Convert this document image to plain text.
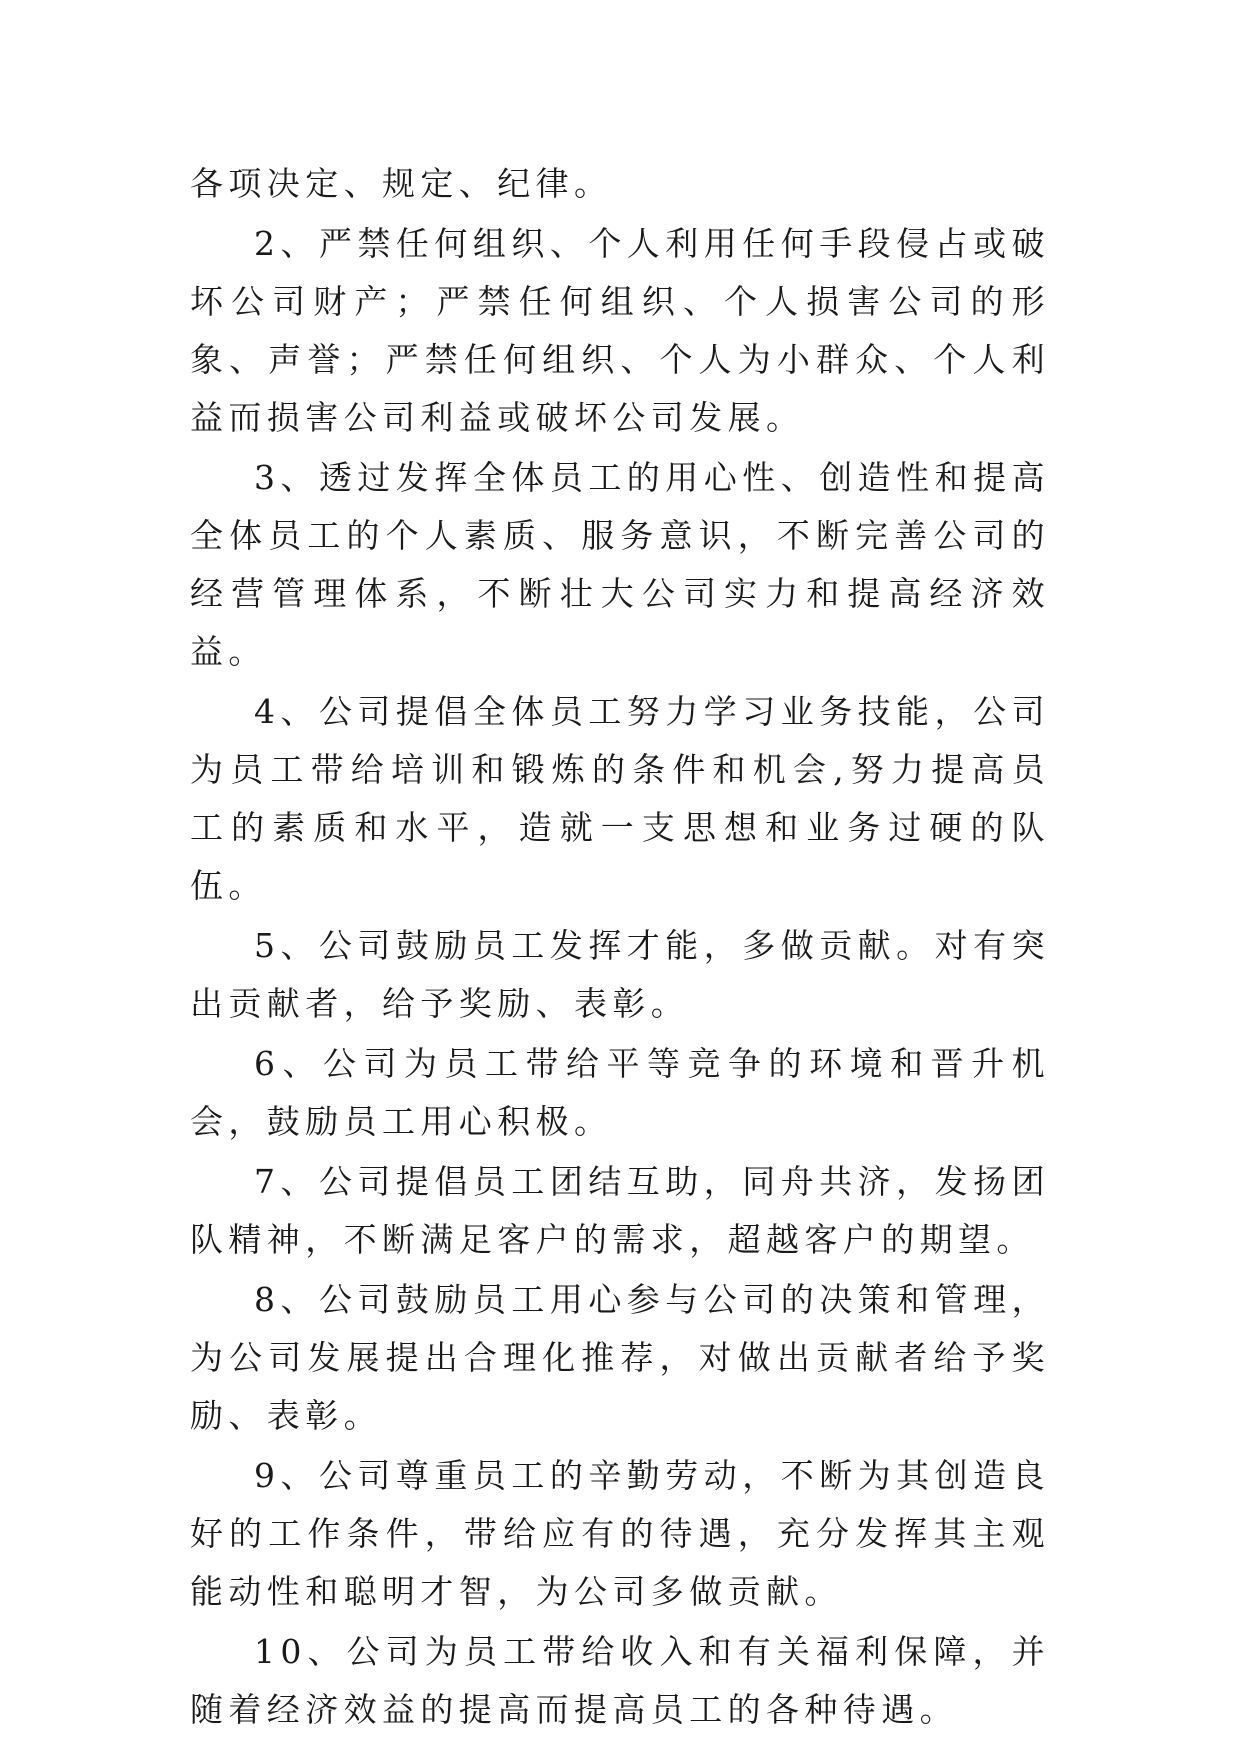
各项决定、规定、纪律。

2、严禁任何组织、个人利用任何手段侵占或破坏公司财产；严禁任何组织、个人损害公司的形象、声誉；严禁任何组织、个人为小群众、个人利益而损害公司利益或破坏公司发展。

3、透过发挥全体员工的用心性、创造性和提高全体员工的个人素质、服务意识，不断完善公司的经营管理体系，不断壮大公司实力和提高经济效益。

4、公司提倡全体员工努力学习业务技能，公司为员工带给培训和锻炼的条件和机会,努力提高员工的素质和水平，造就一支思想和业务过硬的队伍。

5、公司鼓励员工发挥才能，多做贡献。对有突出贡献者，给予奖励、表彰。

6、公司为员工带给平等竞争的环境和晋升机会，鼓励员工用心积极。

7、公司提倡员工团结互助，同舟共济，发扬团队精神，不断满足客户的需求，超越客户的期望。

8、公司鼓励员工用心参与公司的决策和管理，为公司发展提出合理化推荐，对做出贡献者给予奖励、表彰。

9、公司尊重员工的辛勤劳动，不断为其创造良好的工作条件，带给应有的待遇，充分发挥其主观能动性和聪明才智，为公司多做贡献。

10、公司为员工带给收入和有关福利保障，并随着经济效益的提高而提高员工的各种待遇。
